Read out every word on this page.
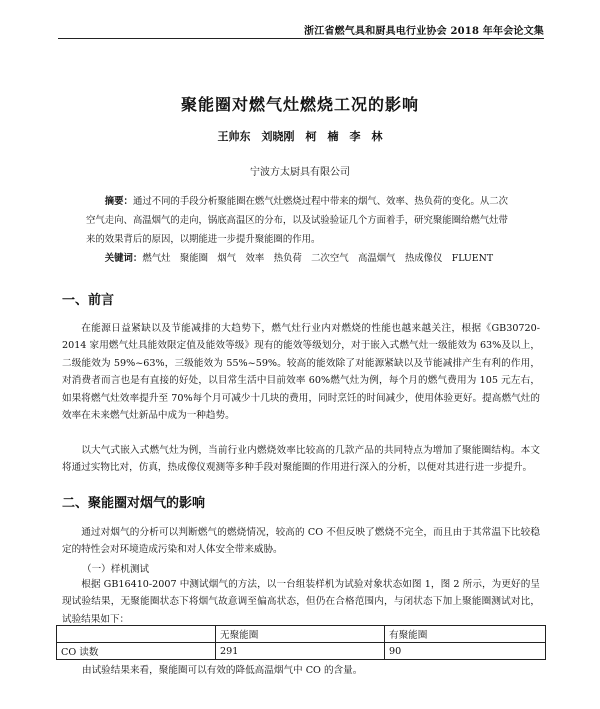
浙江省燃气具和厨具电行业协会 2018 年年会论文集
聚能圈对燃气灶燃烧工况的影响
王帅东　刘晓刚　柯　楠　李　林
宁波方太厨具有限公司

摘要：通过不同的手段分析聚能圈在燃气灶燃烧过程中带来的烟气、效率、热负荷的变化。从二次空气走向、高温烟气的走向，锅底高温区的分布，以及试验验证几个方面着手，研究聚能圈给燃气灶带来的效果背后的原因，以期能进一步提升聚能圈的作用。

关键词：燃气灶　聚能圈　烟气　效率　热负荷　二次空气　高温烟气　热成像仪　FLUENT

一、前言

在能源日益紧缺以及节能减排的大趋势下，燃气灶行业内对燃烧的性能也越来越关注，根据《GB30720-2014 家用燃气灶具能效限定值及能效等级》现有的能效等级划分，对于嵌入式燃气灶一级能效为 63%及以上，二级能效为 59%~63%，三级能效为 55%~59%。较高的能效除了对能源紧缺以及节能减排产生有利的作用，对消费者而言也是有直接的好处，以目常生活中目前效率 60%燃气灶为例，每个月的燃气费用为 105 元左右，如果将燃气灶效率提升至 70%每个月可减少十几块的费用，同时烹饪的时间减少，使用体验更好。提高燃气灶的效率在未来燃气灶新品中成为一种趋势。

以大气式嵌入式燃气灶为例，当前行业内燃烧效率比较高的几款产品的共同特点为增加了聚能圈结构。本文将通过实物比对，仿真，热成像仪观测等多种手段对聚能圈的作用进行深入的分析，以便对其进行进一步提升。

二、聚能圈对烟气的影响

通过对烟气的分析可以判断燃气的燃烧情况，较高的 CO 不但反映了燃烧不完全，而且由于其常温下比较稳定的特性会对环境造成污染和对人体安全带来威胁。

（一）样机测试

根据 GB16410-2007 中测试烟气的方法，以一台组装样机为试验对象状态如图 1，图 2 所示，为更好的呈现试验结果，无聚能圈状态下将烟气故意调至偏高状态，但仍在合格范围内，与闭状态下加上聚能圈测试对比，试验结果如下：

	无聚能圈	有聚能圈
CO 读数	291	90

由试验结果来看，聚能圈可以有效的降低高温烟气中 CO 的含量。
